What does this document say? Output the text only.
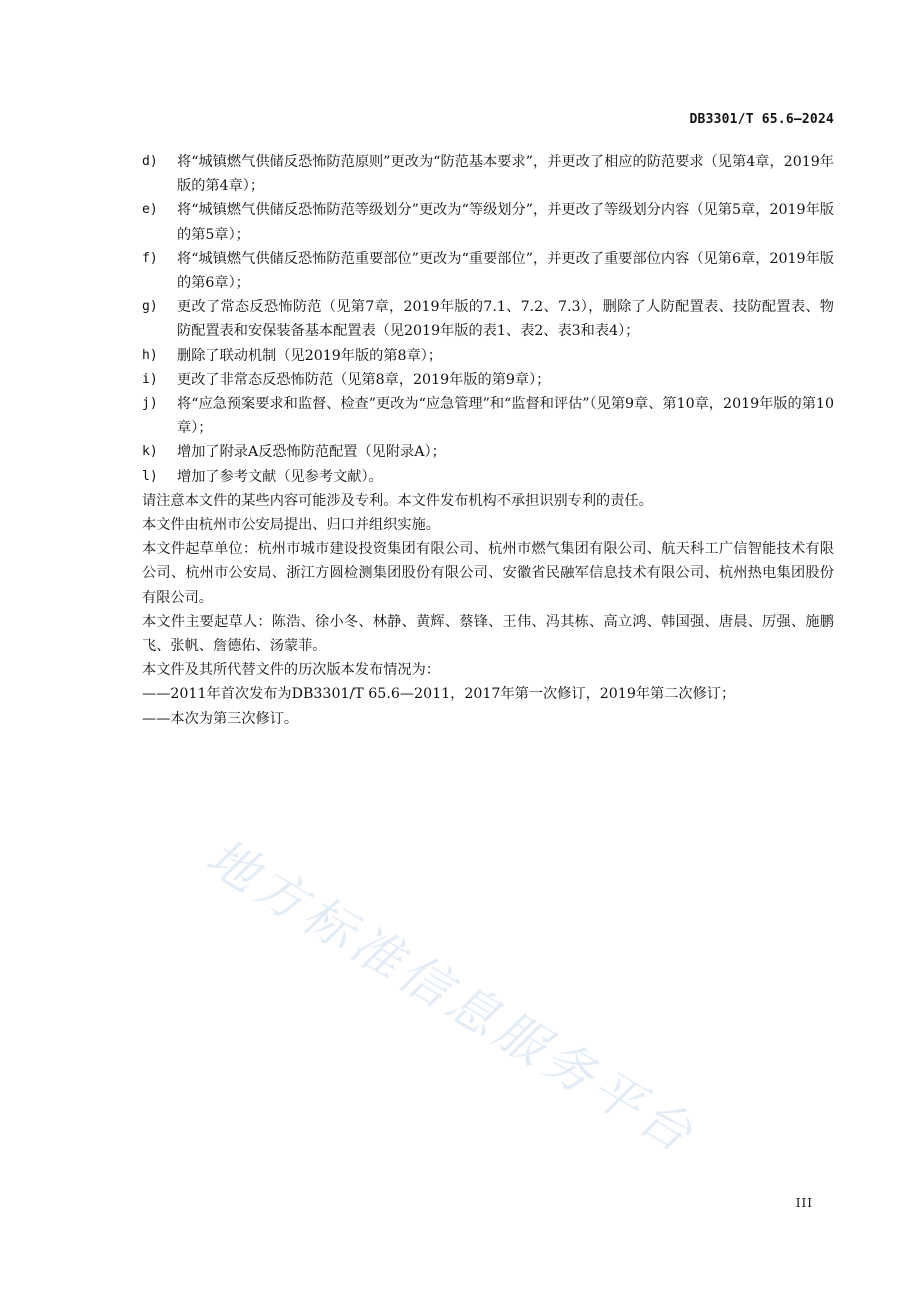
DB3301/T 65.6—2024
d) 将“城镇燃气供储反恐怖防范原则”更改为“防范基本要求”，并更改了相应的防范要求（见第4章，2019年版的第4章）；
e) 将“城镇燃气供储反恐怖防范等级划分”更改为“等级划分”，并更改了等级划分内容（见第5章，2019年版的第5章）；
f) 将“城镇燃气供储反恐怖防范重要部位”更改为“重要部位”，并更改了重要部位内容（见第6章，2019年版的第6章）；
g) 更改了常态反恐怖防范（见第7章，2019年版的7.1、7.2、7.3），删除了人防配置表、技防配置表、物防配置表和安保装备基本配置表（见2019年版的表1、表2、表3和表4）；
h) 删除了联动机制（见2019年版的第8章）；
i) 更改了非常态反恐怖防范（见第8章，2019年版的第9章）；
j) 将“应急预案要求和监督、检查”更改为“应急管理”和“监督和评估”（见第9章、第10章，2019年版的第10章）；
k) 增加了附录A反恐怖防范配置（见附录A）；
l) 增加了参考文献（见参考文献）。
请注意本文件的某些内容可能涉及专利。本文件发布机构不承担识别专利的责任。
本文件由杭州市公安局提出、归口并组织实施。
本文件起草单位：杭州市城市建设投资集团有限公司、杭州市燃气集团有限公司、航天科工广信智能技术有限公司、杭州市公安局、浙江方圆检测集团股份有限公司、安徽省民融军信息技术有限公司、杭州热电集团股份有限公司。
本文件主要起草人：陈浩、徐小冬、林静、黄辉、蔡锋、王伟、冯其栋、高立鸿、韩国强、唐晨、厉强、施鹏飞、张帆、詹德佑、汤蒙菲。
本文件及其所代替文件的历次版本发布情况为：
——2011年首次发布为DB3301/T 65.6—2011，2017年第一次修订，2019年第二次修订；
——本次为第三次修订。
地方标准信息服务平台
III
